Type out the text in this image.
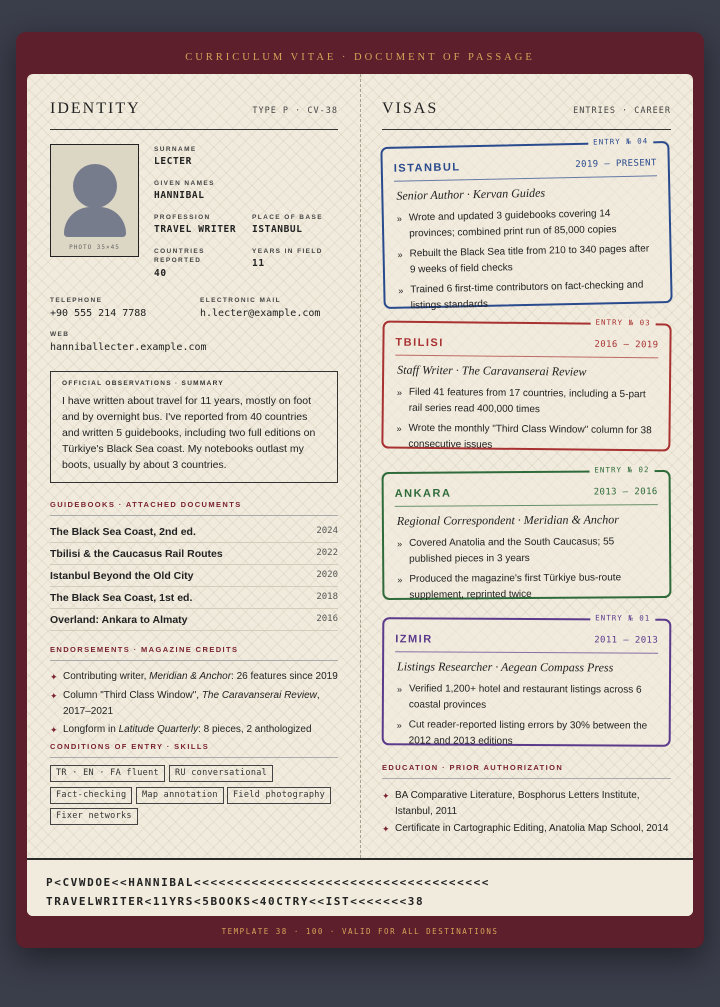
CURRICULUM VITAE · DOCUMENT OF PASSAGE
IDENTITY	TYPE P · CV-38
PHOTO 35×45
SURNAME
LECTER
GIVEN NAMES
HANNIBAL
PROFESSION
TRAVEL WRITER
PLACE OF BASE
ISTANBUL
COUNTRIES REPORTED
40
YEARS IN FIELD
11
TELEPHONE
+90 555 214 7788
ELECTRONIC MAIL
h.lecter@example.com
WEB
hanniballecter.example.com
OFFICIAL OBSERVATIONS · SUMMARY
I have written about travel for 11 years, mostly on foot and by overnight bus. I've reported from 40 countries and written 5 guidebooks, including two full editions on Türkiye's Black Sea coast. My notebooks outlast my boots, usually by about 3 countries.
GUIDEBOOKS · ATTACHED DOCUMENTS
The Black Sea Coast, 2nd ed.	2024
Tbilisi & the Caucasus Rail Routes	2022
Istanbul Beyond the Old City	2020
The Black Sea Coast, 1st ed.	2018
Overland: Ankara to Almaty	2016
ENDORSEMENTS · MAGAZINE CREDITS
✦ Contributing writer, Meridian & Anchor: 26 features since 2019
✦ Column "Third Class Window", The Caravanserai Review, 2017–2021
✦ Longform in Latitude Quarterly: 8 pieces, 2 anthologized
CONDITIONS OF ENTRY · SKILLS
TR · EN · FA fluent	RU conversational
Fact-checking	Map annotation	Field photography
Fixer networks
VISAS	ENTRIES · CAREER
ENTRY № 04
ISTANBUL	2019 – PRESENT
Senior Author · Kervan Guides
» Wrote and updated 3 guidebooks covering 14 provinces; combined print run of 85,000 copies
» Rebuilt the Black Sea title from 210 to 340 pages after 9 weeks of field checks
» Trained 6 first-time contributors on fact-checking and listings standards
ENTRY № 03
TBILISI	2016 – 2019
Staff Writer · The Caravanserai Review
» Filed 41 features from 17 countries, including a 5-part rail series read 400,000 times
» Wrote the monthly "Third Class Window" column for 38 consecutive issues
ENTRY № 02
ANKARA	2013 – 2016
Regional Correspondent · Meridian & Anchor
» Covered Anatolia and the South Caucasus; 55 published pieces in 3 years
» Produced the magazine's first Türkiye bus-route supplement, reprinted twice
ENTRY № 01
IZMIR	2011 – 2013
Listings Researcher · Aegean Compass Press
» Verified 1,200+ hotel and restaurant listings across 6 coastal provinces
» Cut reader-reported listing errors by 30% between the 2012 and 2013 editions
EDUCATION · PRIOR AUTHORIZATION
✦ BA Comparative Literature, Bosphorus Letters Institute, Istanbul, 2011
✦ Certificate in Cartographic Editing, Anatolia Map School, 2014
P<CVWDOE<<HANNIBAL<<<<<<<<<<<<<<<<<<<<<<<<<<<<<<<<<<<<
TRAVELWRITER<11YRS<5BOOKS<40CTRY<<IST<<<<<<<38
TEMPLATE 38 · 100 · VALID FOR ALL DESTINATIONS
